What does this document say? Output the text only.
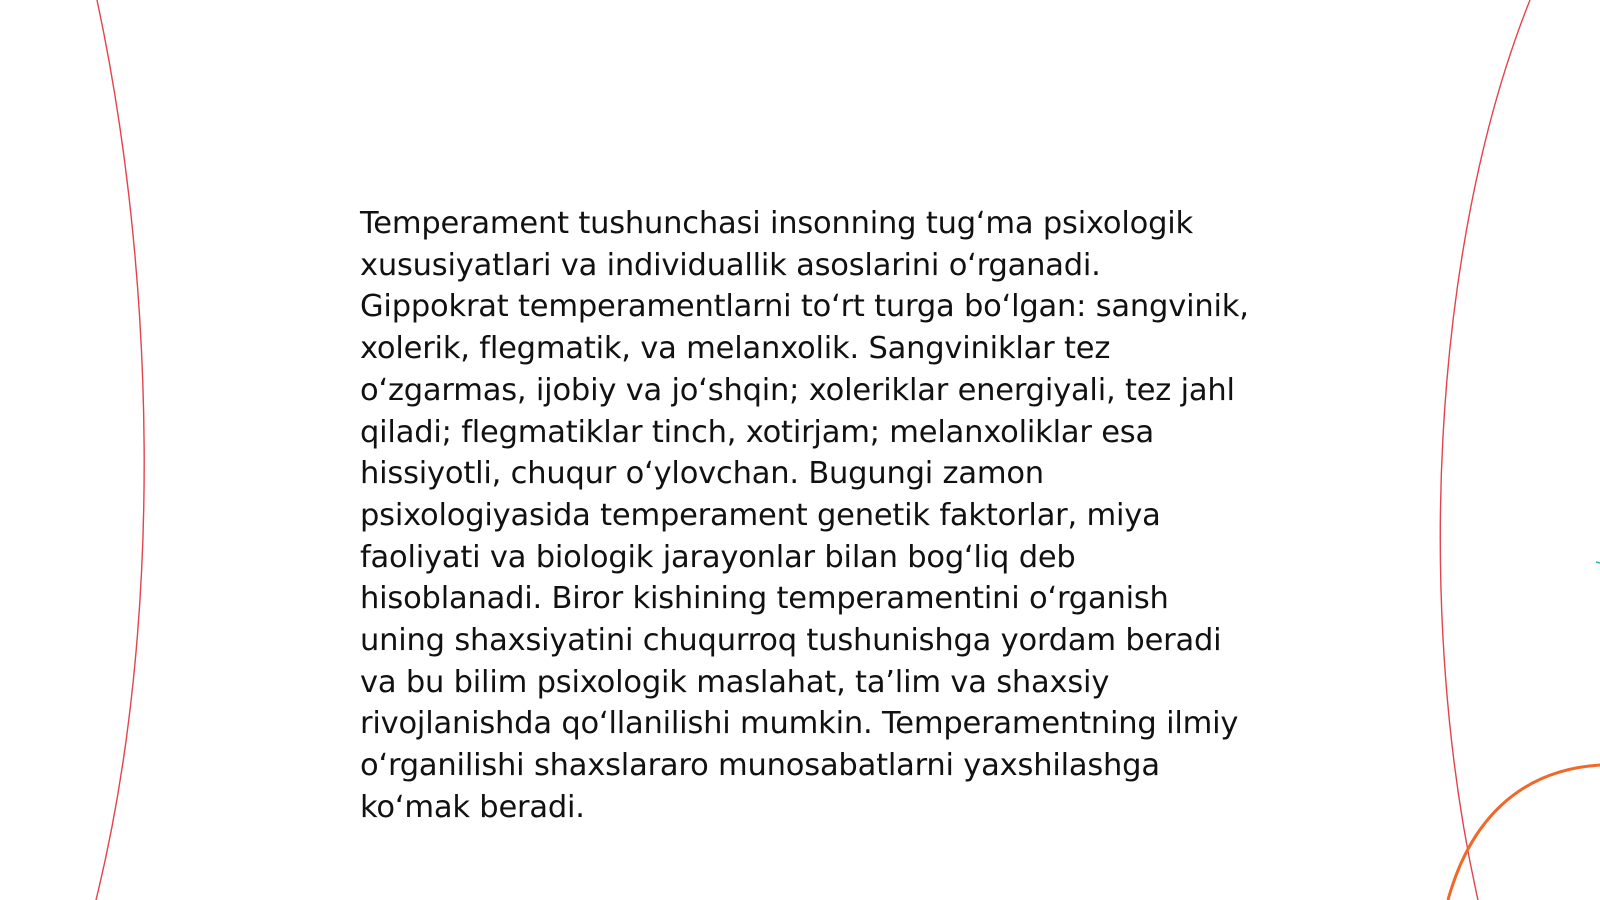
Temperament tushunchasi insonning tug‘ma psixologik xususiyatlari va individuallik asoslarini o‘rganadi. Gippokrat temperamentlarni to‘rt turga bo‘lgan: sangvinik, xolerik, flegmatik, va melanxolik. Sangviniklar tez o‘zgarmas, ijobiy va jo‘shqin; xoleriklar energiyali, tez jahl qiladi; flegmatiklar tinch, xotirjam; melanxoliklar esa hissiyotli, chuqur o‘ylovchan. Bugungi zamon psixologiyasida temperament genetik faktorlar, miya faoliyati va biologik jarayonlar bilan bog‘liq deb hisoblanadi. Biror kishining temperamentini o‘rganish uning shaxsiyatini chuqurroq tushunishga yordam beradi va bu bilim psixologik maslahat, ta’lim va shaxsiy rivojlanishda qo‘llanilishi mumkin. Temperamentning ilmiy o‘rganilishi shaxslararo munosabatlarni yaxshilashga ko‘mak beradi.
